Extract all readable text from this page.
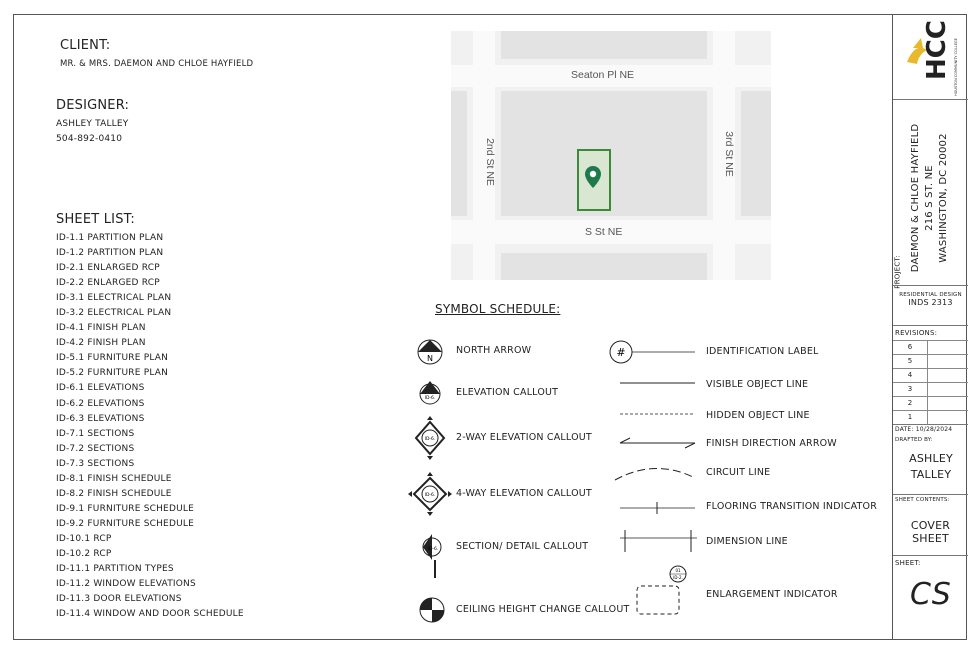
CLIENT:
MR. & MRS. DAEMON AND CHLOE HAYFIELD
DESIGNER:
ASHLEY TALLEY
504-892-0410
SHEET LIST:
ID-1.1 PARTITION PLAN
ID-1.2 PARTITION PLAN
ID-2.1 ENLARGED RCP
ID-2.2 ENLARGED RCP
ID-3.1 ELECTRICAL PLAN
ID-3.2 ELECTRICAL PLAN
ID-4.1 FINISH PLAN
ID-4.2 FINISH PLAN
ID-5.1 FURNITURE PLAN
ID-5.2 FURNITURE PLAN
ID-6.1 ELEVATIONS
ID-6.2 ELEVATIONS
ID-6.3 ELEVATIONS
ID-7.1 SECTIONS
ID-7.2 SECTIONS
ID-7.3 SECTIONS
ID-8.1 FINISH SCHEDULE
ID-8.2 FINISH SCHEDULE
ID-9.1 FURNITURE SCHEDULE
ID-9.2 FURNITURE SCHEDULE
ID-10.1 RCP
ID-10.2 RCP
ID-11.1 PARTITION TYPES
ID-11.2 WINDOW ELEVATIONS
ID-11.3 DOOR ELEVATIONS
ID-11.4 WINDOW AND DOOR SCHEDULE
Seaton Pl NE
S St NE
2nd St NE	3rd St NE
SYMBOL SCHEDULE:
N
ID-6.
ID-6.
ID-6.
ID-6.
#
01
ID-2.
HCC HOUSTON COMMUNITY COLLEGE
PROJECT: DAEMON & CHLOE HAYFIELD 216 S ST. NE WASHINGTON, DC 20002
RESIDENTIAL DESIGN
INDS 2313
REVISIONS:
6
5
4
3
2
1
DATE: 10/28/2024
DRAFTED BY:
ASHLEY TALLEY
SHEET CONTENTS:
COVER SHEET
SHEET:
CS
NORTH ARROW
ELEVATION CALLOUT
2-WAY ELEVATION CALLOUT
4-WAY ELEVATION CALLOUT
SECTION/ DETAIL CALLOUT
CEILING HEIGHT CHANGE CALLOUT
IDENTIFICATION LABEL
VISIBLE OBJECT LINE
HIDDEN OBJECT LINE
FINISH DIRECTION ARROW
CIRCUIT LINE
FLOORING TRANSITION INDICATOR
DIMENSION LINE
ENLARGEMENT INDICATOR
